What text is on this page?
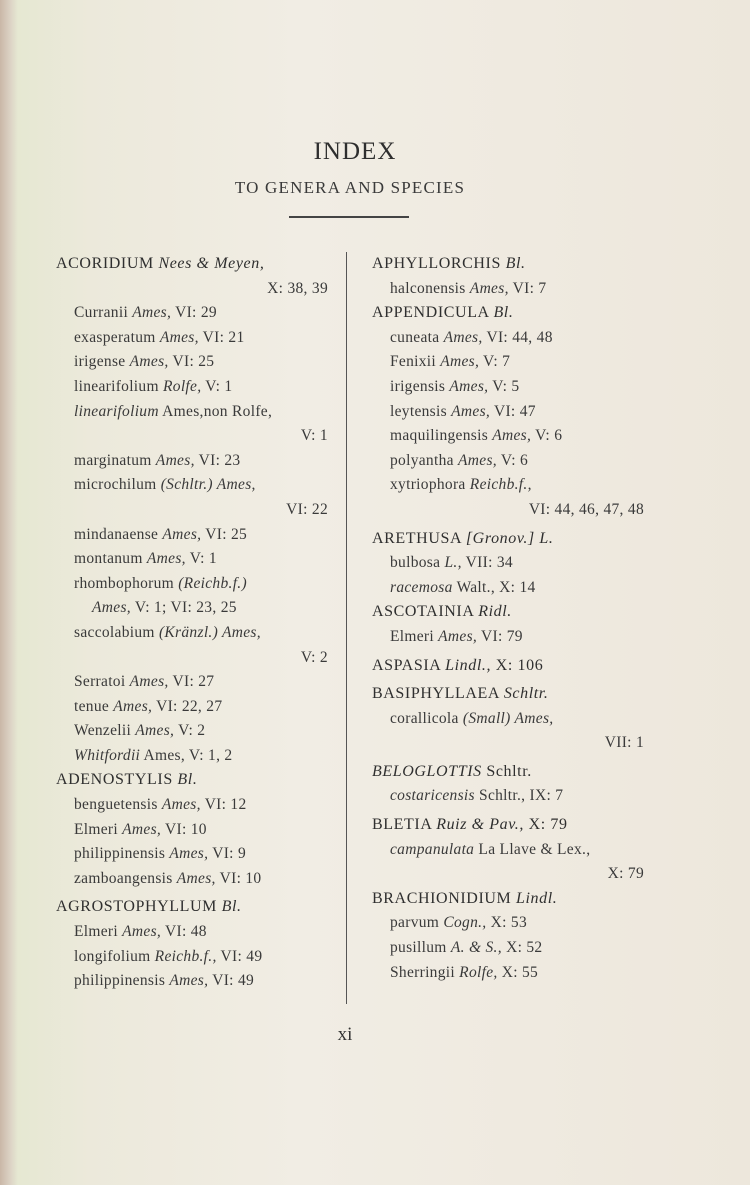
INDEX
TO GENERA AND SPECIES
ACORIDIUM Nees & Meyen,
X: 38, 39
Curranii Ames, VI: 29
exasperatum Ames, VI: 21
irigense Ames, VI: 25
linearifolium Rolfe, V: 1
linearifolium Ames,non Rolfe,
V: 1
marginatum Ames, VI: 23
microchilum (Schltr.) Ames,
VI: 22
mindanaense Ames, VI: 25
montanum Ames, V: 1
rhombophorum (Reichb.f.)
Ames, V: 1; VI: 23, 25
saccolabium (Kränzl.) Ames,
V: 2
Serratoi Ames, VI: 27
tenue Ames, VI: 22, 27
Wenzelii Ames, V: 2
Whitfordii Ames, V: 1, 2
ADENOSTYLIS Bl.
benguetensis Ames, VI: 12
Elmeri Ames, VI: 10
philippinensis Ames, VI: 9
zamboangensis Ames, VI: 10
AGROSTOPHYLLUM Bl.
Elmeri Ames, VI: 48
longifolium Reichb.f., VI: 49
philippinensis Ames, VI: 49
APHYLLORCHIS Bl.
halconensis Ames, VI: 7
APPENDICULA Bl.
cuneata Ames, VI: 44, 48
Fenixii Ames, V: 7
irigensis Ames, V: 5
leytensis Ames, VI: 47
maquilingensis Ames, V: 6
polyantha Ames, V: 6
xytriophora Reichb.f.,
VI: 44, 46, 47, 48
ARETHUSA [Gronov.] L.
bulbosa L., VII: 34
racemosa Walt., X: 14
ASCOTAINIA Ridl.
Elmeri Ames, VI: 79
ASPASIA Lindl., X: 106
BASIPHYLLAEA Schltr.
corallicola (Small) Ames,
VII: 1
BELOGLOTTIS Schltr.
costaricensis Schltr., IX: 7
BLETIA Ruiz & Pav., X: 79
campanulata La Llave & Lex.,
X: 79
BRACHIONIDIUM Lindl.
parvum Cogn., X: 53
pusillum A. & S., X: 52
Sherringii Rolfe, X: 55
xi
